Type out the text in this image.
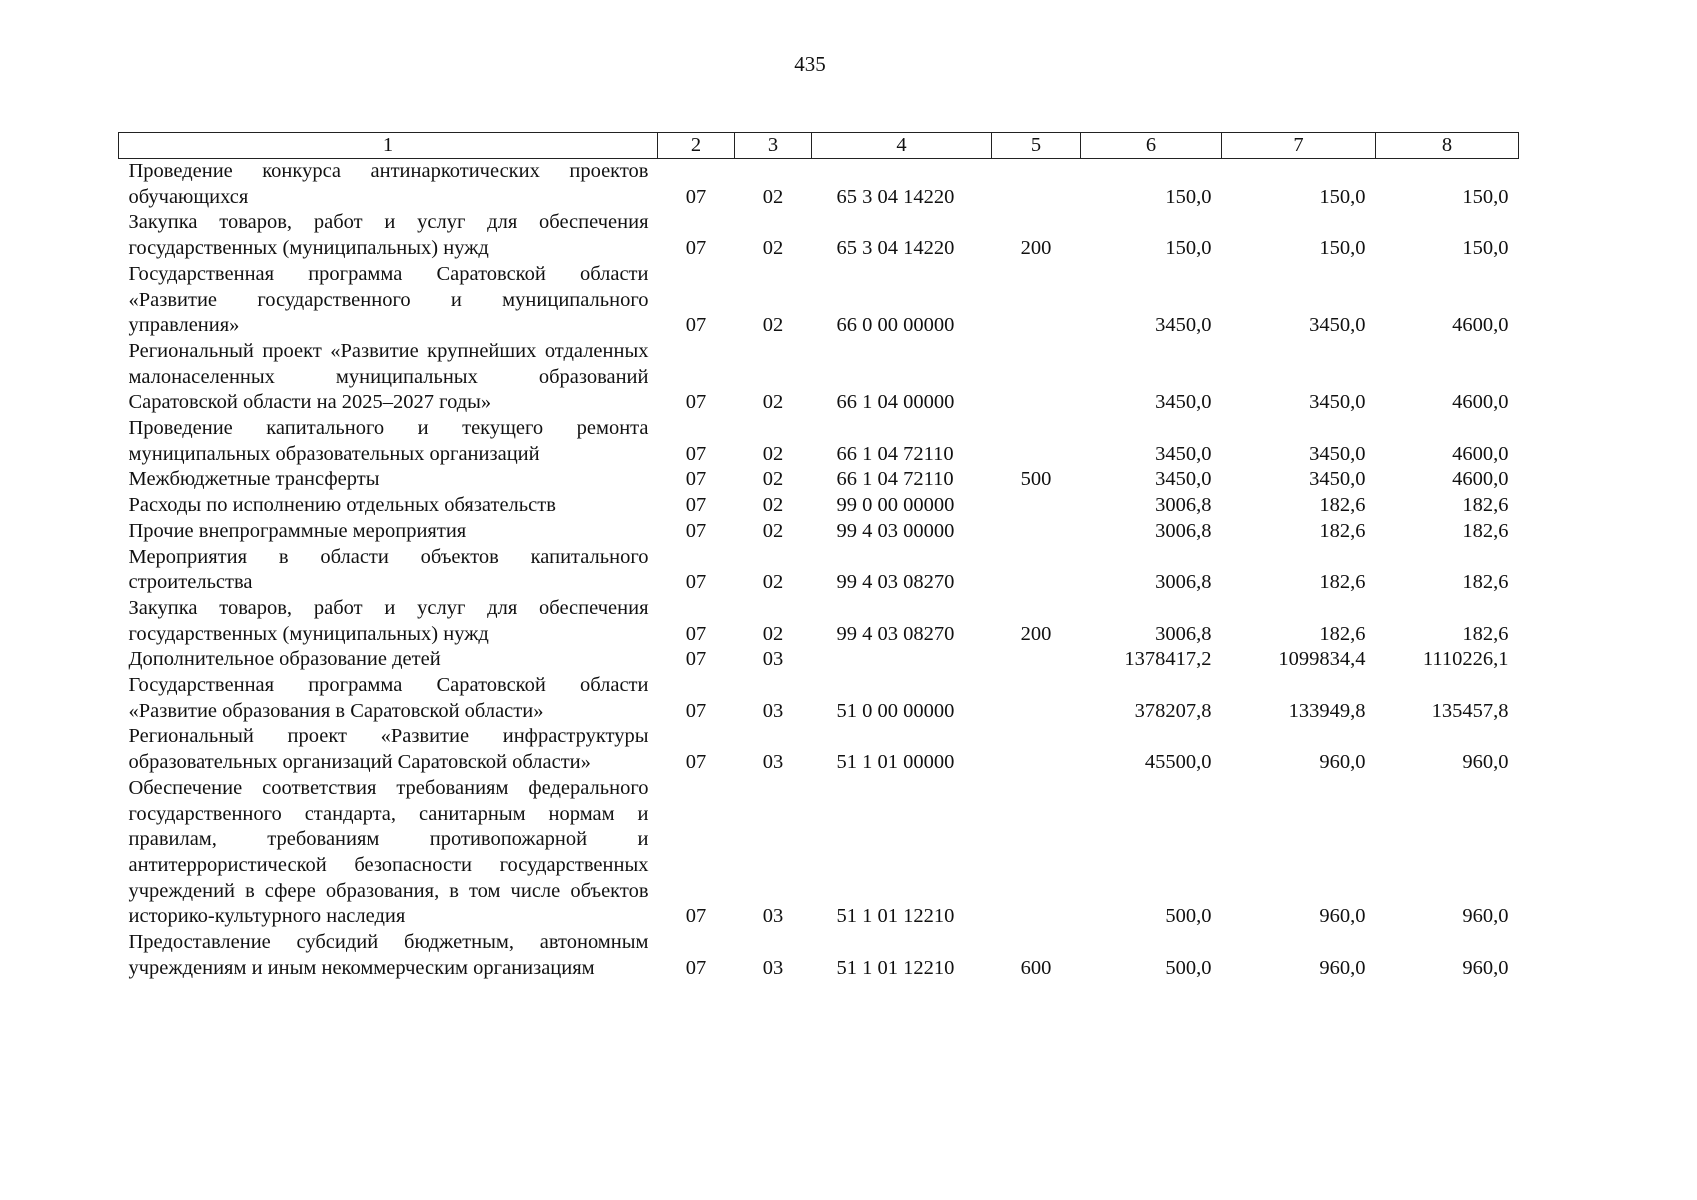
435
1	2	3	4	5	6	7	8
Проведение конкурса антинаркотических проектов обучающихся	07	02	65 3 04 14220		150,0	150,0	150,0
Закупка товаров, работ и услуг для обеспечения государственных (муниципальных) нужд	07	02	65 3 04 14220	200	150,0	150,0	150,0
Государственная программа Саратовской области «Развитие государственного и муниципального управления»	07	02	66 0 00 00000		3450,0	3450,0	4600,0
Региональный проект «Развитие крупнейших отдаленных малонаселенных муниципальных образований Саратовской области на 2025–2027 годы»	07	02	66 1 04 00000		3450,0	3450,0	4600,0
Проведение капитального и текущего ремонта муниципальных образовательных организаций	07	02	66 1 04 72110		3450,0	3450,0	4600,0
Межбюджетные трансферты	07	02	66 1 04 72110	500	3450,0	3450,0	4600,0
Расходы по исполнению отдельных обязательств	07	02	99 0 00 00000		3006,8	182,6	182,6
Прочие внепрограммные мероприятия	07	02	99 4 03 00000		3006,8	182,6	182,6
Мероприятия в области объектов капитального строительства	07	02	99 4 03 08270		3006,8	182,6	182,6
Закупка товаров, работ и услуг для обеспечения государственных (муниципальных) нужд	07	02	99 4 03 08270	200	3006,8	182,6	182,6
Дополнительное образование детей	07	03			1378417,2	1099834,4	1110226,1
Государственная программа Саратовской области «Развитие образования в Саратовской области»	07	03	51 0 00 00000		378207,8	133949,8	135457,8
Региональный проект «Развитие инфраструктуры образовательных организаций Саратовской области»	07	03	51 1 01 00000		45500,0	960,0	960,0
Обеспечение соответствия требованиям федерального государственного стандарта, санитарным нормам и правилам, требованиям противопожарной и антитеррористической безопасности государственных учреждений в сфере образования, в том числе объектов историко-культурного наследия	07	03	51 1 01 12210		500,0	960,0	960,0
Предоставление субсидий бюджетным, автономным учреждениям и иным некоммерческим организациям	07	03	51 1 01 12210	600	500,0	960,0	960,0
